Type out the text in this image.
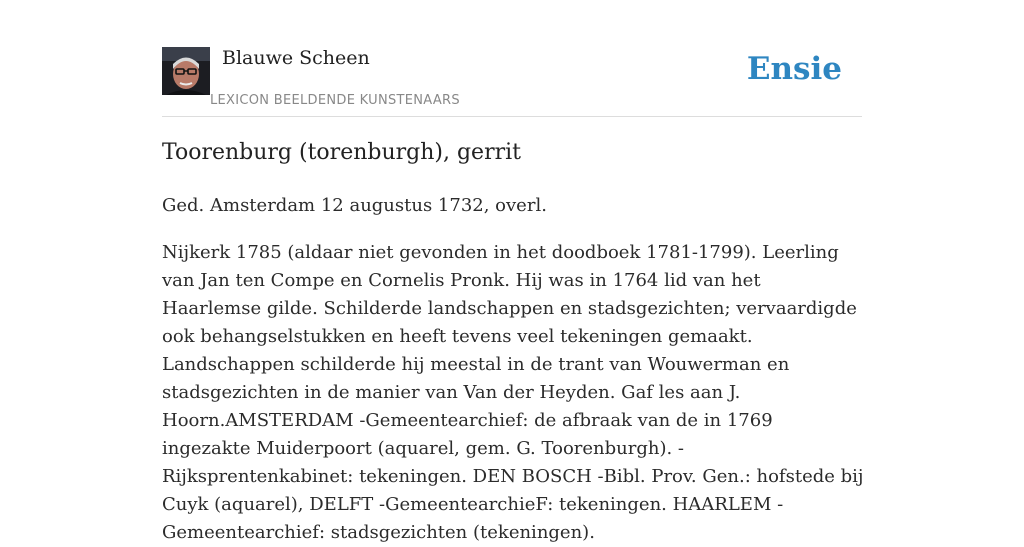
Blauwe Scheen
LEXICON BEELDENDE KUNSTENAARS
Ensie
Toorenburg (torenburgh), gerrit

Ged. Amsterdam 12 augustus 1732, overl.

Nijkerk 1785 (aldaar niet gevonden in het doodboek 1781-1799). Leerling van Jan ten Compe en Cornelis Pronk. Hij was in 1764 lid van het Haarlemse gilde. Schilderde landschappen en stadsgezichten; vervaardigde ook behangselstukken en heeft tevens veel tekeningen gemaakt. Landschappen schilderde hij meestal in de trant van Wouwerman en stadsgezichten in de manier van Van der Heyden. Gaf les aan J. Hoorn.AMSTERDAM -Gemeentearchief: de afbraak van de in 1769 ingezakte Muiderpoort (aquarel, gem. G. Toorenburgh). -Rijksprentenkabinet: tekeningen. DEN BOSCH -Bibl. Prov. Gen.: hofstede bij Cuyk (aquarel), DELFT -GemeentearchieF: tekeningen. HAARLEM -Gemeentearchief: stadsgezichten (tekeningen).
